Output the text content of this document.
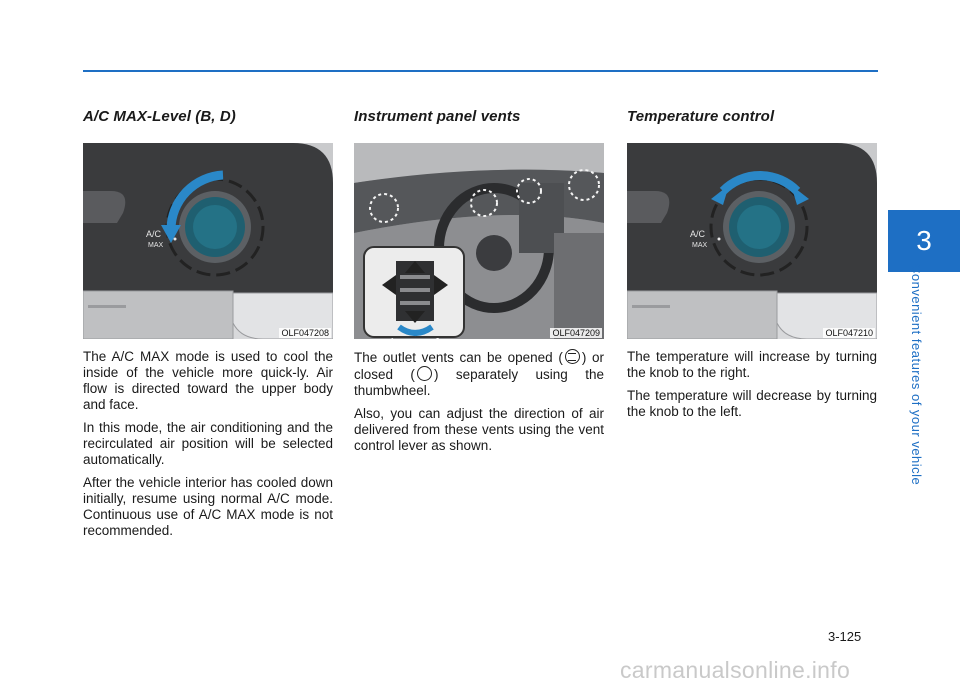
3
Convenient features of your vehicle
A/C MAX-Level (B, D)
A/C
MAX
OLF047208

The A/C MAX mode is used to cool the inside of the vehicle more quick-ly. Air flow is directed toward the upper body and face.

In this mode, the air conditioning and the recirculated air position will be selected automatically.

After the vehicle interior has cooled down initially, resume using normal A/C mode. Continuous use of A/C MAX mode is not recommended.

Instrument panel vents
OLF047209

The outlet vents can be opened ( ) or closed ( ) separately using the thumbwheel.

Also, you can adjust the direction of air delivered from these vents using the vent control lever as shown.

Temperature control
A/C
MAX
OLF047210

The temperature will increase by turning the knob to the right.

The temperature will decrease by turning the knob to the left.

3-125
carmanualsonline.info
